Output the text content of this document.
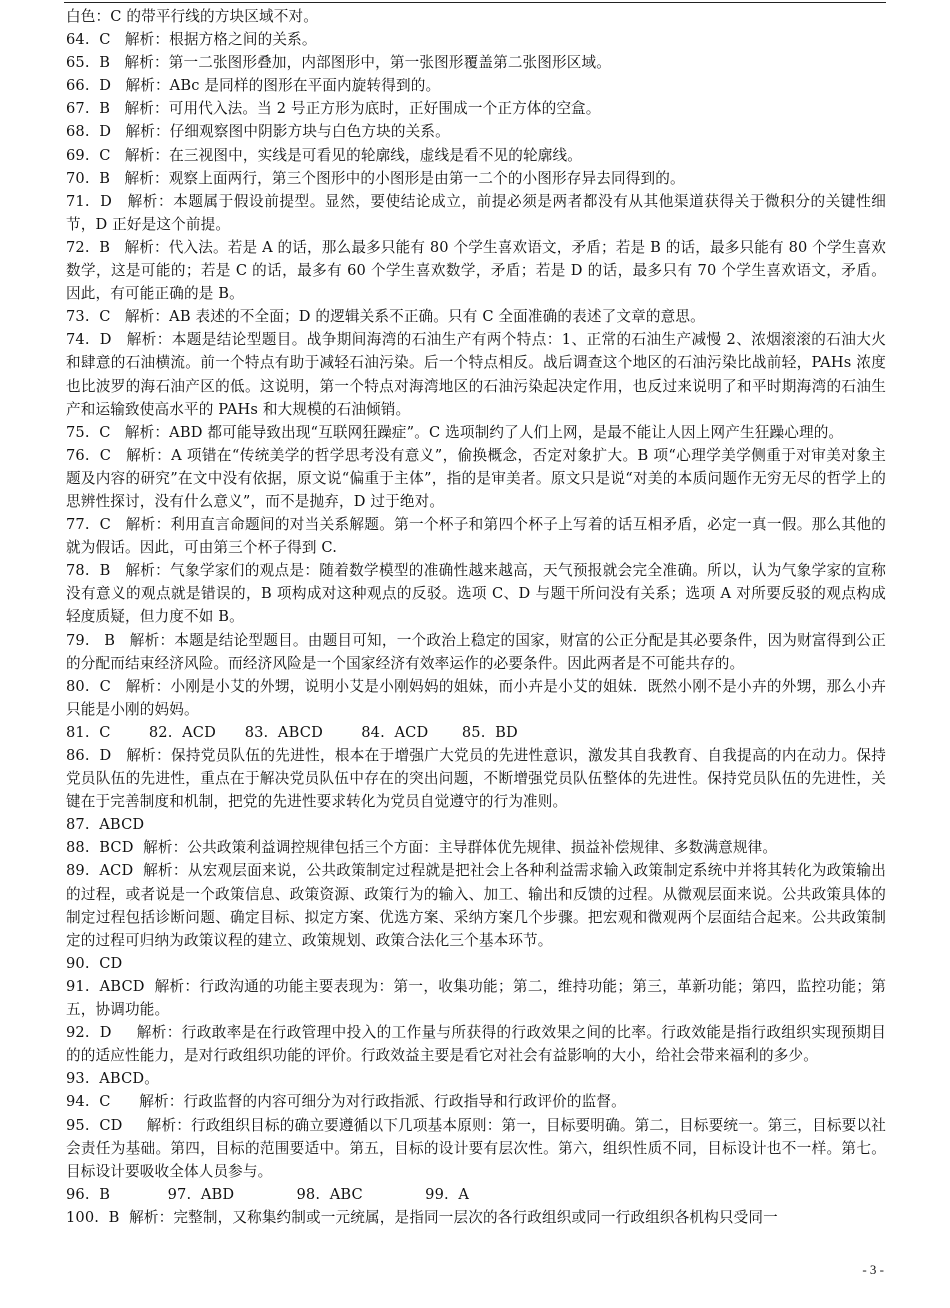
白色：C 的带平行线的方块区域不对。

64.  C   解析：根据方格之间的关系。

65.  B   解析：第一二张图形叠加，内部图形中，第一张图形覆盖第二张图形区域。

66.  D   解析：ABc 是同样的图形在平面内旋转得到的。

67.  B   解析：可用代入法。当 2 号正方形为底时，正好围成一个正方体的空盒。

68.  D   解析：仔细观察图中阴影方块与白色方块的关系。

69.  C   解析：在三视图中，实线是可看见的轮廓线，虚线是看不见的轮廓线。

70.  B   解析：观察上面两行，第三个图形中的小图形是由第一二个的小图形存异去同得到的。

71.  D   解析：本题属于假设前提型。显然，要使结论成立，前提必须是两者都没有从其他渠道获得关于微积分的关键性细节，D 正好是这个前提。

72.  B   解析：代入法。若是 A 的话，那么最多只能有 80 个学生喜欢语文，矛盾；若是 B 的话，最多只能有 80 个学生喜欢数学，这是可能的；若是 C 的话，最多有 60 个学生喜欢数学，矛盾；若是 D 的话，最多只有 70 个学生喜欢语文，矛盾。因此，有可能正确的是 B。

73.  C   解析：AB 表述的不全面；D 的逻辑关系不正确。只有 C 全面准确的表述了文章的意思。

74.  D   解析：本题是结论型题目。战争期间海湾的石油生产有两个特点：1、正常的石油生产减慢 2、浓烟滚滚的石油大火和肆意的石油横流。前一个特点有助于减轻石油污染。后一个特点相反。战后调查这个地区的石油污染比战前轻，PAHs 浓度也比波罗的海石油产区的低。这说明，第一个特点对海湾地区的石油污染起决定作用，也反过来说明了和平时期海湾的石油生产和运输致使高水平的 PAHs 和大规模的石油倾销。

75.  C   解析：ABD 都可能导致出现“互联网狂躁症”。C 选项制约了人们上网，是最不能让人因上网产生狂躁心理的。

76.  C   解析：A 项错在“传统美学的哲学思考没有意义”，偷换概念，否定对象扩大。B 项“心理学美学侧重于对审美对象主题及内容的研究”在文中没有依据，原文说“偏重于主体”，指的是审美者。原文只是说“对美的本质问题作无穷无尽的哲学上的思辨性探讨，没有什么意义”，而不是抛弃，D 过于绝对。

77.  C   解析：利用直言命题间的对当关系解题。第一个杯子和第四个杯子上写着的话互相矛盾，必定一真一假。那么其他的就为假话。因此，可由第三个杯子得到 C.

78.  B   解析：气象学家们的观点是：随着数学模型的准确性越来越高，天气预报就会完全准确。所以，认为气象学家的宣称没有意义的观点就是错误的，B 项构成对这种观点的反驳。选项 C、D 与题干所问没有关系；选项 A 对所要反驳的观点构成轻度质疑，但力度不如 B。

79.   B   解析：本题是结论型题目。由题目可知，一个政治上稳定的国家，财富的公正分配是其必要条件，因为财富得到公正的分配而结束经济风险。而经济风险是一个国家经济有效率运作的必要条件。因此两者是不可能共存的。

80.  C   解析：小刚是小艾的外甥，说明小艾是小刚妈妈的姐妹，而小卉是小艾的姐妹．既然小刚不是小卉的外甥，那么小卉只能是小刚的妈妈。

81.  C        82.  ACD      83.  ABCD        84.  ACD       85.  BD

86.  D   解析：保持党员队伍的先进性，根本在于增强广大党员的先进性意识，激发其自我教育、自我提高的内在动力。保持党员队伍的先进性，重点在于解决党员队伍中存在的突出问题，不断增强党员队伍整体的先进性。保持党员队伍的先进性，关键在于完善制度和机制，把党的先进性要求转化为党员自觉遵守的行为准则。

87.  ABCD

88.  BCD  解析：公共政策利益调控规律包括三个方面：主导群体优先规律、损益补偿规律、多数满意规律。

89.  ACD  解析：从宏观层面来说，公共政策制定过程就是把社会上各种利益需求输入政策制定系统中并将其转化为政策输出的过程，或者说是一个政策信息、政策资源、政策行为的输入、加工、输出和反馈的过程。从微观层面来说。公共政策具体的制定过程包括诊断问题、确定目标、拟定方案、优选方案、采纳方案几个步骤。把宏观和微观两个层面结合起来。公共政策制定的过程可归纳为政策议程的建立、政策规划、政策合法化三个基本环节。

90.  CD

91.  ABCD  解析：行政沟通的功能主要表现为：第一，收集功能；第二，维持功能；第三，革新功能；第四，监控功能；第五，协调功能。

92.  D     解析：行政敢率是在行政管理中投入的工作量与所获得的行政效果之间的比率。行政效能是指行政组织实现预期目的的适应性能力，是对行政组织功能的评价。行政效益主要是看它对社会有益影响的大小，给社会带来福利的多少。

93.  ABCD。

94.  C      解析：行政监督的内容可细分为对行政指派、行政指导和行政评价的监督。

95.  CD     解析：行政组织目标的确立要遵循以下几项基本原则：第一，目标要明确。第二，目标要统一。第三，目标要以社会责任为基础。第四，目标的范围要适中。第五，目标的设计要有层次性。第六，组织性质不同，目标设计也不一样。第七。目标设计要吸收全体人员参与。

96.  B            97.  ABD             98.  ABC             99.  A

100.  B  解析：完整制，又称集约制或一元统属，是指同一层次的各行政组织或同一行政组织各机构只受同一

- 3 -
